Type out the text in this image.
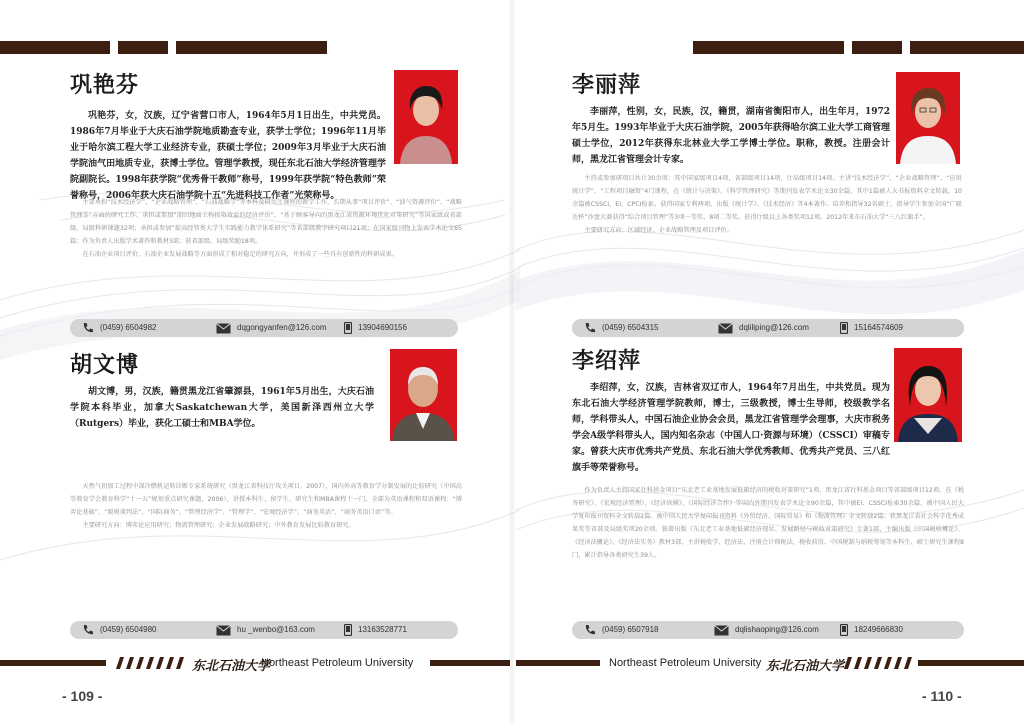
巩艳芬

巩艳芬，女，汉族，辽宁省营口市人，1964年5月1日出生，中共党员。1986年7月毕业于大庆石油学院地质勘查专业，获学士学位；1996年11月毕业于哈尔滨工程大学工业经济专业，获硕士学位；2009年3月毕业于大庆石油学院油气田地质专业，获博士学位。管理学教授，现任东北石油大学经济管理学院副院长。1998年获学院“优秀骨干教师”称号，1999年获学院“特色教师”荣誉称号，2006年获大庆石油学院十五“先进科技工作者”光荣称号。

主要承担“技术经济学”、“企业战略管理”、“石油战略学”等本科及研究生课程的教学工作，长期从事“项目评价”、“油气资源评价”、“战略管理等”方面的研究工作。承担或参加“油田地面工程投资效益的经济评价”、“基于顾客导向的黑龙江省资源环境优化对策研究”等国家级或省部级、局级科研课题32项；承担或参加“提高经管类大学生实践能力教学体系研究”等省部级教学研究项目21项；在国家级刊物上发表学术论文65篇；作为负责人出版学术著作和教材3部；获省部级、局级奖励18项。

在石油企业项目评价、石油企业发展战略等方面形成了相对稳定的研究方向，并形成了一些具有创新性的科研成果。

(0459) 6504982	dqgongyanfen@126.com	13904690156
胡文博

胡文博，男，汉族，籍贯黑龙江省肇源县，1961年5月出生，大庆石油学院本科毕业，加拿大Saskatchewan大学，美国新泽西州立大学（Rutgers）毕业，获化工硕士和MBA学位。

天然气初加工过程中深冷燃机运转诊断专家系统研究（黑龙江省科技厅攻关项目，2007），国内外高等教育学分制发展的比较研究（中国高等教育学会教育科学“十一五”规划重点研究课题，2006），讲授本科生、留学生、研究生和MBA课程十一门，全部为英语课程和双语课程：“博弈论基础”、“原则谈判法”、“国际商务”、“管理经济学”、“管理学”、“宏观经济学”、“商务英语”、“商务英语口语”等。

主要研究方向：博弈论应用研究；物流管理研究；企业发展战略研究；中外教育发展比较教育研究。

(0459) 6504980	hu _wenbo@163.com	13163528771
李丽萍

李丽萍，性别，女，民族，汉，籍贯，湖南省衡阳市人，出生年月，1972年5月生。1993年毕业于大庆石油学院，2005年获得哈尔滨工业大学工商管理硕士学位，2012年获得东北林业大学工学博士学位。职称，教授。注册会计师，黑龙江省管理会计专家。

主持或参加研项目共计30余项：其中国家级项目4项，省部级项目14项，厅局级项目14项。主讲“技术经济学”、“企业战略管理”、“应用统计学”、“工程项目融资”4门课程，在《统计与决策》、《科学管理研究》等期刊发表学术论文30余篇，其中1篇被人大书报资料全文转载，10余篇被CSSCI、EI、CPCI检索。获得国家专利两项。出版《统计学》、《技术经济》等4本著作。培养和指导32名硕士，指导学生参加全国“广联达杯”沙盘大赛获得“综合项目管理”等3项一等奖、8项二等奖。获得厅级以上各类奖项12项。2012年来东石油大学“三八红旗手”。

主要研究方向：区域经济，企业战略管理及项目评价。

(0459) 6504315	dqliliping@126.com	15164574609
李绍萍

李绍萍，女，汉族，吉林省双辽市人，1964年7月出生，中共党员。现为东北石油大学经济管理学院教师，博士，三级教授，博士生导师，校级教学名师，学科带头人，中国石油企业协会会员，黑龙江省管理学会理事，大庆市税务学会A级学科带头人，国内知名杂志（中国人口·资源与环境）（CSSCI）审稿专家。曾获大庆市优秀共产党员、东北石油大学优秀教师、优秀共产党员、三八红旗手等荣誉称号。

作为负责人主持国家社科基金项目“东北老工业基地发展低碳经济的税收对策研究”1项，黑龙江省社科基金项目等省部级项目12项。在《税务研究》、《宏观经济管理》、《经济纵横》、《国际经济合作》等国内外期刊发表学术论文90余篇，其中被EI、CSSCI检索30余篇，被中国人民大学复印报刊资料全文转载2篇。被中国人民大学复印报刊资料《外贸经济、国际贸易》和《物流管理》全文转载2篇。获黑龙江省社会科学优秀成果奖等省部及局级奖项20余项。独著出版《东北老工业基地低碳经济现状、发展路径与税收对策研究》专著1部，主编出版《中国税收概论》、《经济法概论》、《经济法实务》教材3部，主讲税收学、经济法、注册会计师税法、税收前沿、中国税制与纳税筹划等本科生、硕士研究生课程8门，累计指导各类研究生39人。

(0459) 6507918	dqlishaoping@126.com	18249666830
东北石油大学
Northeast Petroleum University	Northeast Petroleum University 东北石油大学
- 109 -	- 110 -
